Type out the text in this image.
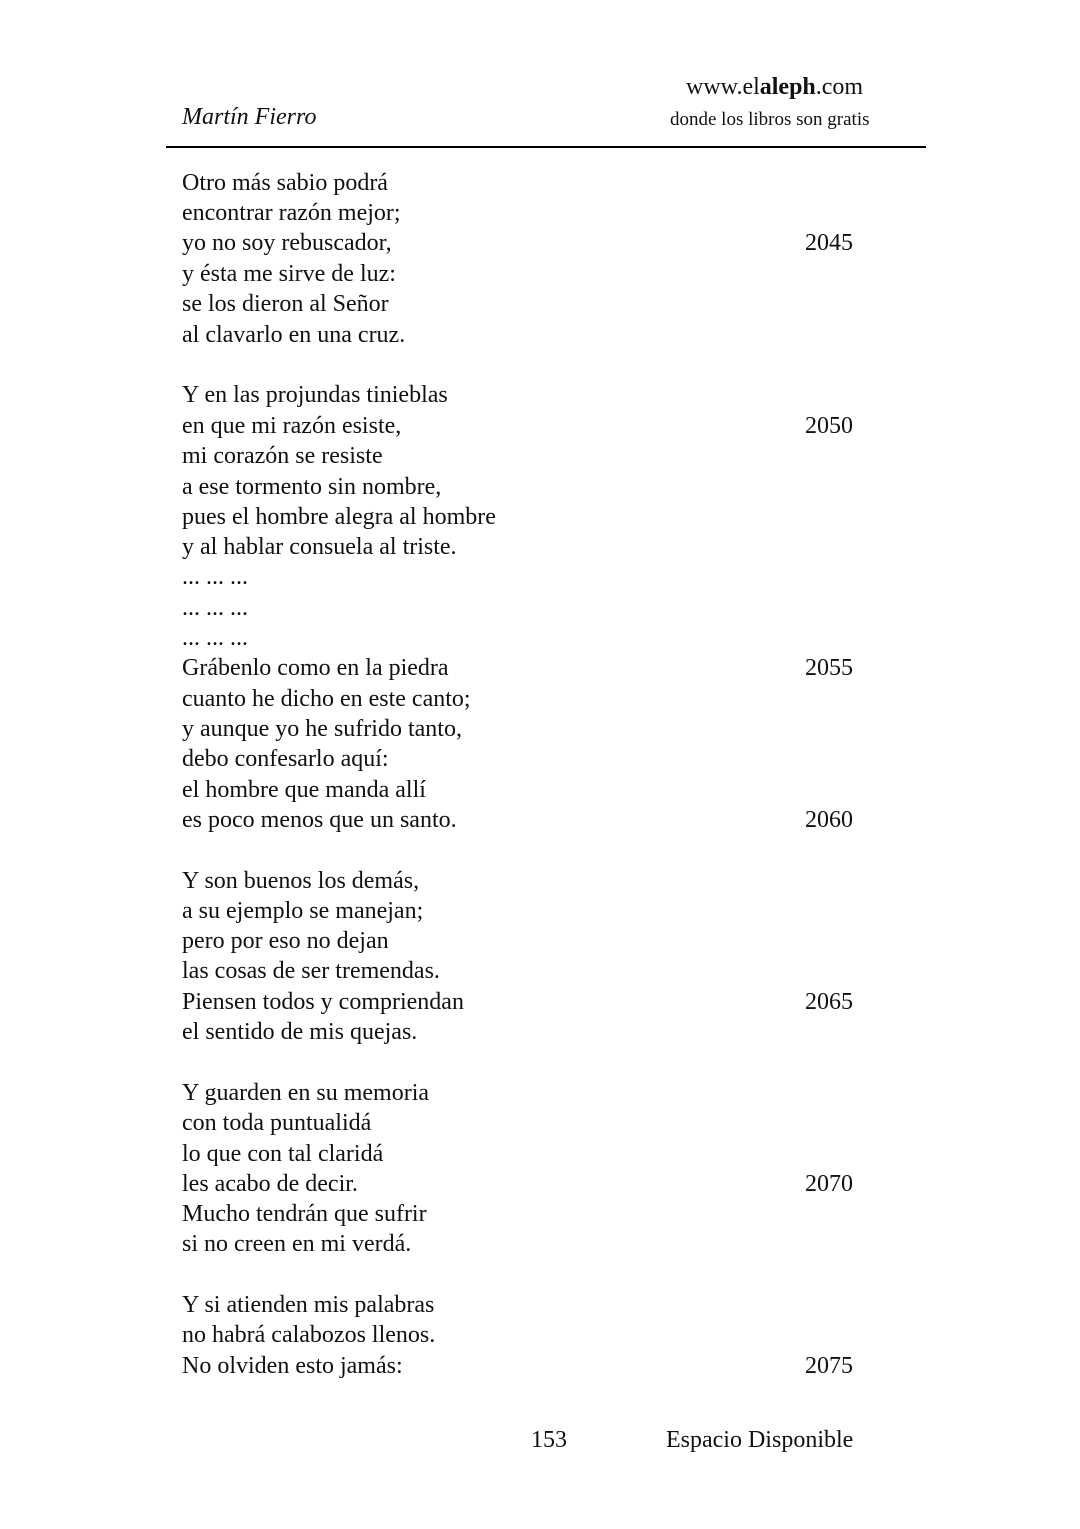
Martín Fierro
www.elaleph.com
donde los libros son gratis
Otro más sabio podrá
encontrar razón mejor;
yo no soy rebuscador,
y ésta me sirve de luz:
se los dieron al Señor
al clavarlo en una cruz.
Y en las projundas tinieblas
en que mi razón esiste,
mi corazón se resiste
a ese tormento sin nombre,
pues el hombre alegra al hombre
y al hablar consuela al triste.
... ... ...
... ... ...
... ... ...
Grábenlo como en la piedra
cuanto he dicho en este canto;
y aunque yo he sufrido tanto,
debo confesarlo aquí:
el hombre que manda allí
es poco menos que un santo.
Y son buenos los demás,
a su ejemplo se manejan;
pero por eso no dejan
las cosas de ser tremendas.
Piensen todos y compriendan
el sentido de mis quejas.
Y guarden en su memoria
con toda puntualidá
lo que con tal claridá
les acabo de decir.
Mucho tendrán que sufrir
si no creen en mi verdá.
Y si atienden mis palabras
no habrá calabozos llenos.
No olviden esto jamás:
2045
2050
2055
2060
2065
2070
2075
153	Espacio Disponible
